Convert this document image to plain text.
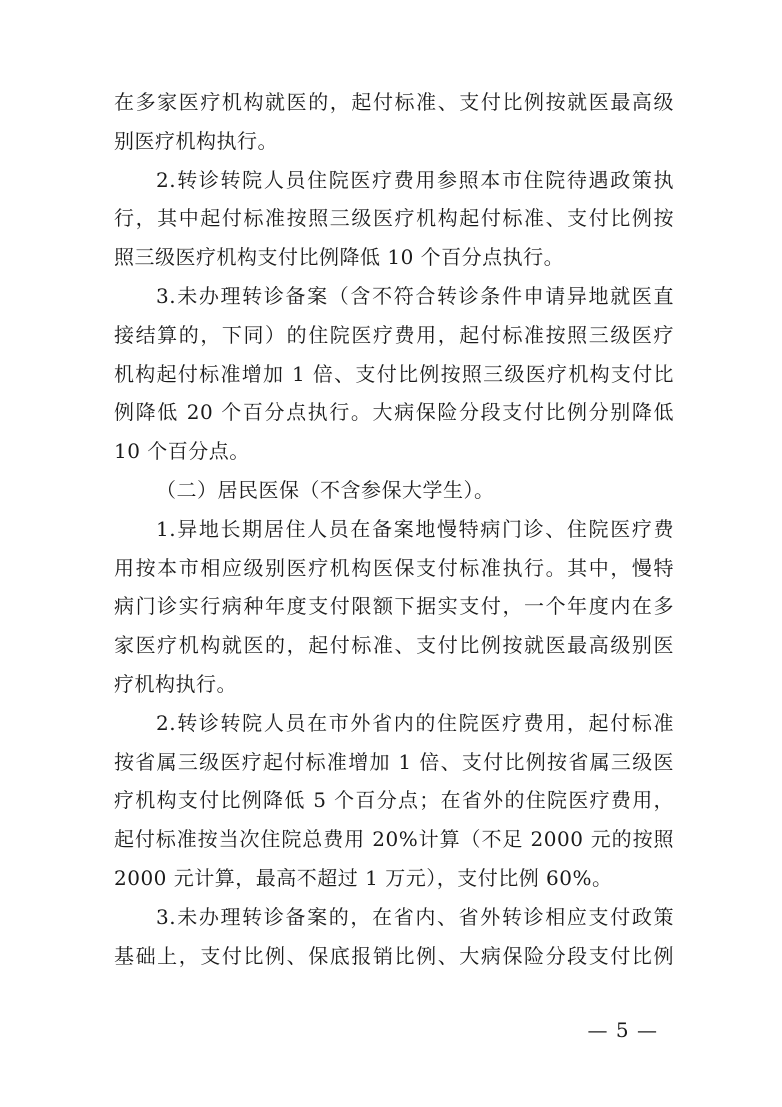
在多家医疗机构就医的，起付标准、支付比例按就医最高级
别医疗机构执行。
2.转诊转院人员住院医疗费用参照本市住院待遇政策执
行，其中起付标准按照三级医疗机构起付标准、支付比例按
照三级医疗机构支付比例降低 10 个百分点执行。
3.未办理转诊备案（含不符合转诊条件申请异地就医直
接结算的，下同）的住院医疗费用，起付标准按照三级医疗
机构起付标准增加 1 倍、支付比例按照三级医疗机构支付比
例降低 20 个百分点执行。大病保险分段支付比例分别降低
10 个百分点。
（二）居民医保（不含参保大学生）。
1.异地长期居住人员在备案地慢特病门诊、住院医疗费
用按本市相应级别医疗机构医保支付标准执行。其中，慢特
病门诊实行病种年度支付限额下据实支付，一个年度内在多
家医疗机构就医的，起付标准、支付比例按就医最高级别医
疗机构执行。
2.转诊转院人员在市外省内的住院医疗费用，起付标准
按省属三级医疗起付标准增加 1 倍、支付比例按省属三级医
疗机构支付比例降低 5 个百分点；在省外的住院医疗费用，
起付标准按当次住院总费用 20%计算（不足 2000 元的按照
2000 元计算，最高不超过 1 万元），支付比例 60%。
3.未办理转诊备案的，在省内、省外转诊相应支付政策
基础上，支付比例、保底报销比例、大病保险分段支付比例
— 5 —
